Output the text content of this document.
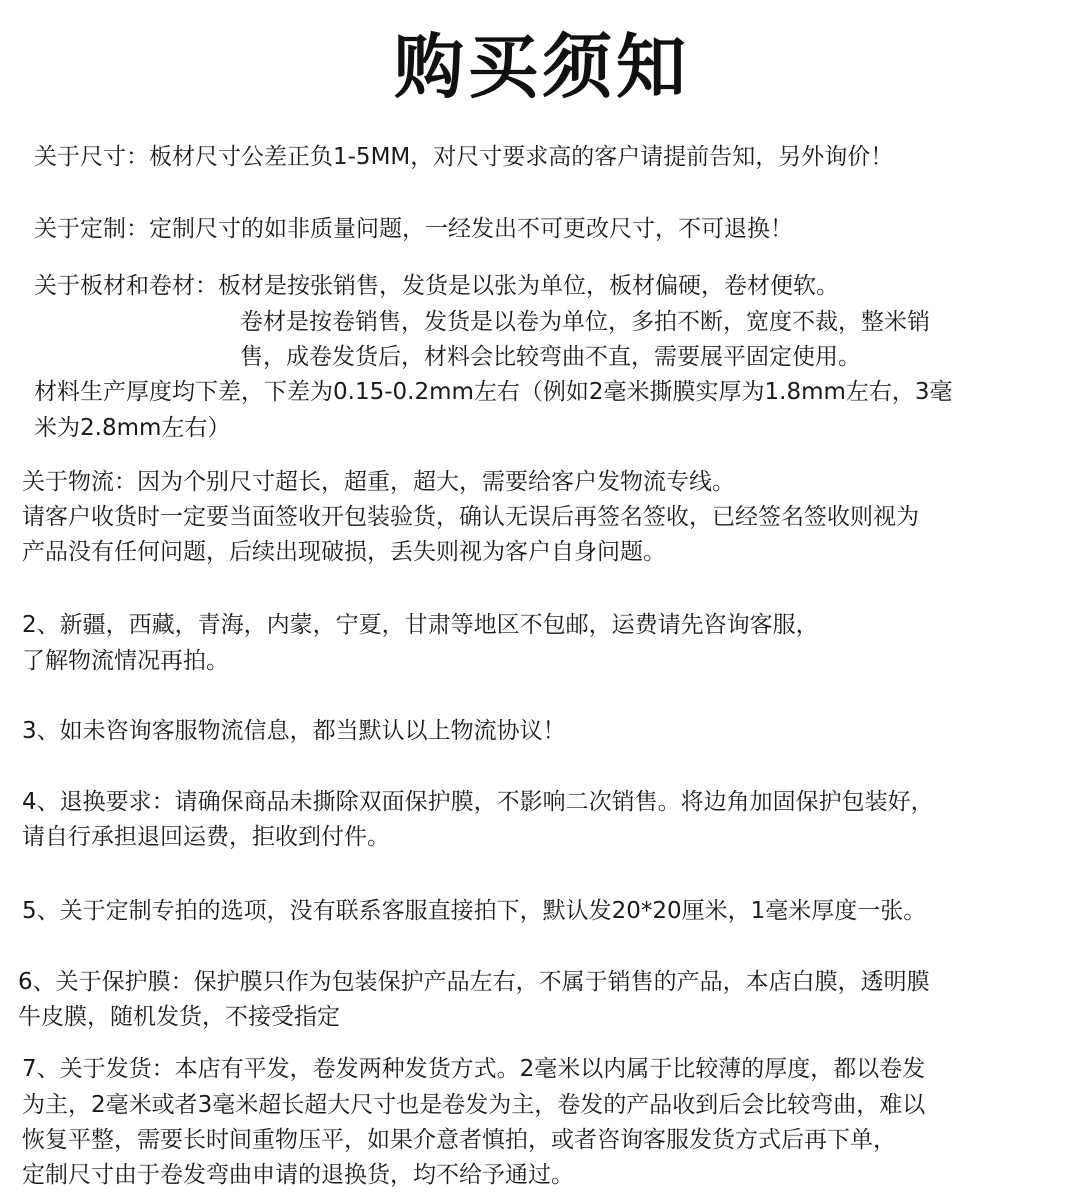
购买须知
关于尺寸：板材尺寸公差正负1-5MM，对尺寸要求高的客户请提前告知，另外询价！
关于定制：定制尺寸的如非质量问题，一经发出不可更改尺寸，不可退换！
关于板材和卷材：板材是按张销售，发货是以张为单位，板材偏硬，卷材便软。
卷材是按卷销售，发货是以卷为单位，多拍不断，宽度不裁，整米销
售，成卷发货后，材料会比较弯曲不直，需要展平固定使用。
材料生产厚度均下差，下差为0.15-0.2mm左右（例如2毫米撕膜实厚为1.8mm左右，3毫
米为2.8mm左右）
关于物流：因为个别尺寸超长，超重，超大，需要给客户发物流专线。
请客户收货时一定要当面签收开包装验货，确认无误后再签名签收，已经签名签收则视为
产品没有任何问题，后续出现破损，丢失则视为客户自身问题。
2、新疆，西藏，青海，内蒙，宁夏，甘肃等地区不包邮，运费请先咨询客服，
了解物流情况再拍。
3、如未咨询客服物流信息，都当默认以上物流协议！
4、退换要求：请确保商品未撕除双面保护膜，不影响二次销售。将边角加固保护包装好，
请自行承担退回运费，拒收到付件。
5、关于定制专拍的选项，没有联系客服直接拍下，默认发20*20厘米，1毫米厚度一张。
6、关于保护膜：保护膜只作为包装保护产品左右，不属于销售的产品，本店白膜，透明膜
牛皮膜，随机发货，不接受指定
7、关于发货：本店有平发，卷发两种发货方式。2毫米以内属于比较薄的厚度，都以卷发
为主，2毫米或者3毫米超长超大尺寸也是卷发为主，卷发的产品收到后会比较弯曲，难以
恢复平整，需要长时间重物压平，如果介意者慎拍，或者咨询客服发货方式后再下单，
定制尺寸由于卷发弯曲申请的退换货，均不给予通过。
